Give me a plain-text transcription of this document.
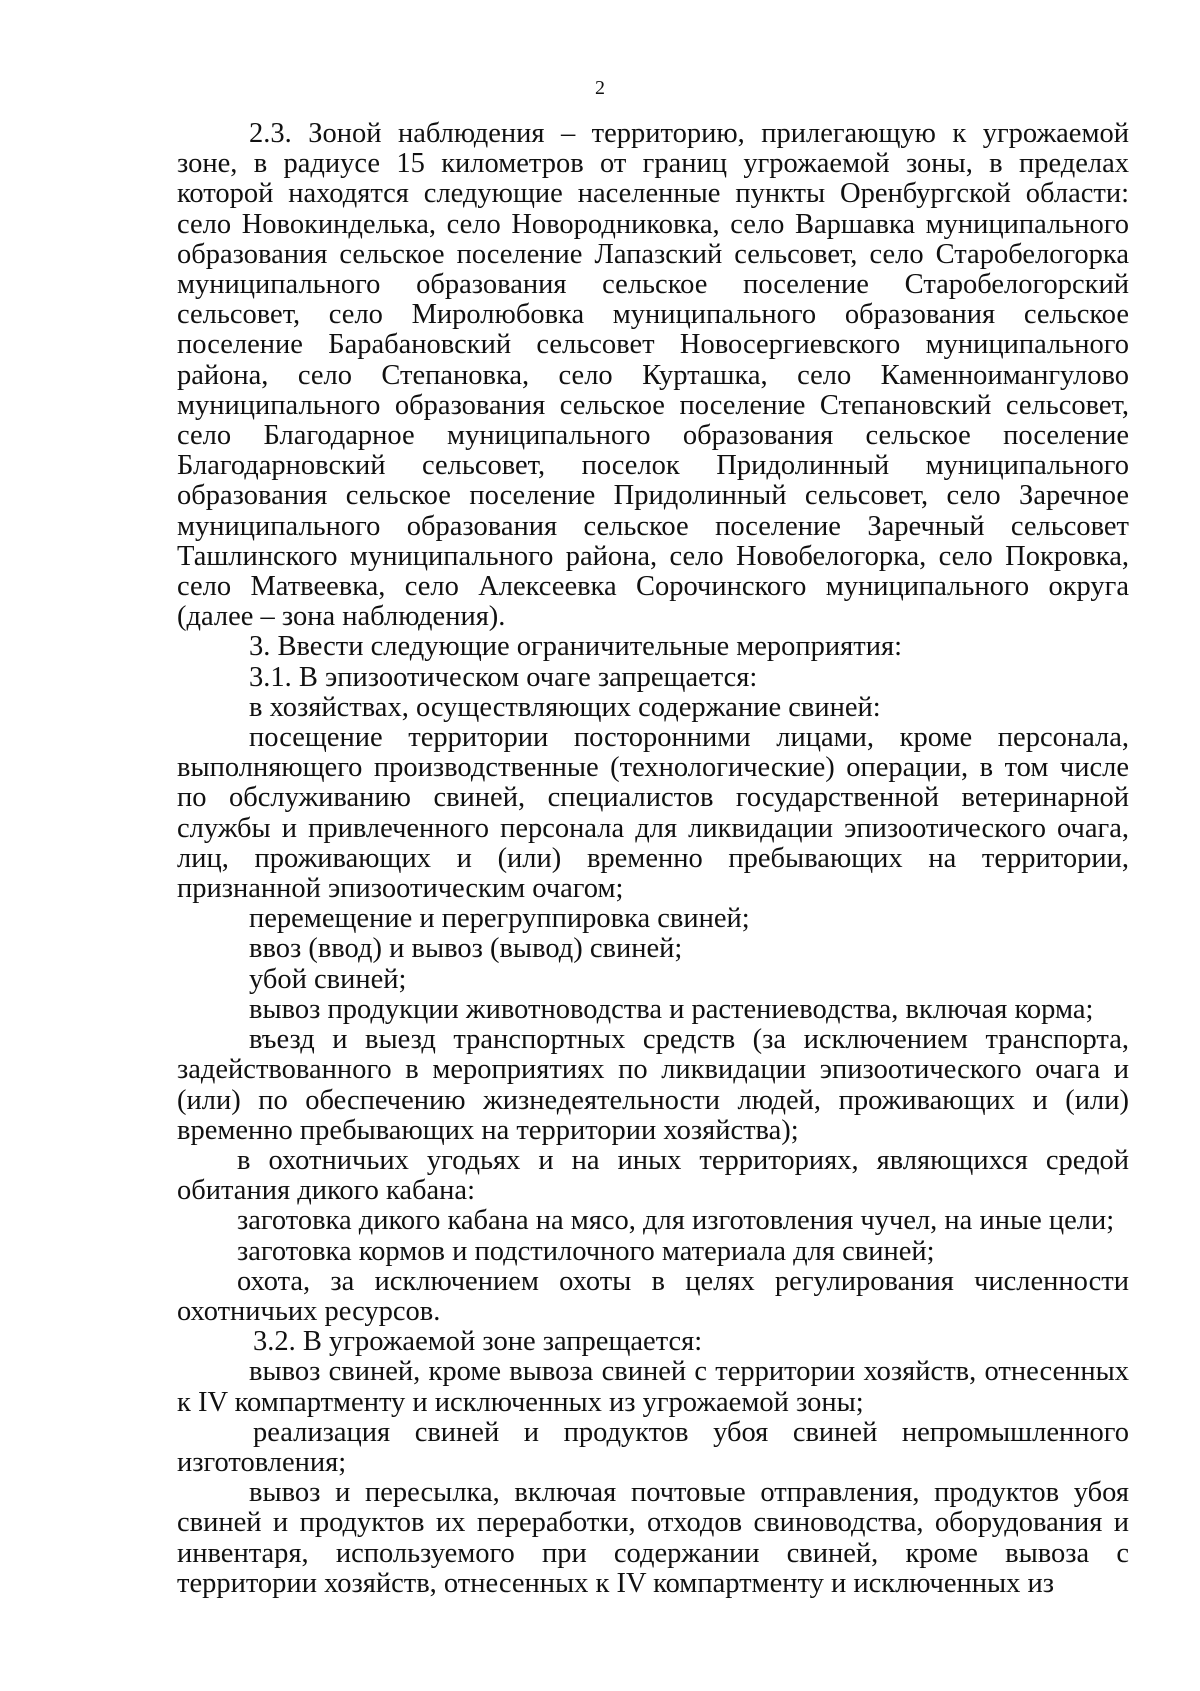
2

2.3. Зоной наблюдения – территорию, прилегающую к угрожаемой зоне, в радиусе 15 километров от границ угрожаемой зоны, в пределах которой находятся следующие населенные пункты Оренбургской области: село Новокинделька, село Новородниковка, село Варшавка муниципального образования сельское поселение Лапазский сельсовет, село Старобелогорка муниципального образования сельское поселение Старобелогорский сельсовет, село Миролюбовка муниципального образования сельское поселение Барабановский сельсовет Новосергиевского муниципального района, село Степановка, село Курташка, село Каменноимангулово муниципального образования сельское поселение Степановский сельсовет, село Благодарное муниципального образования сельское поселение Благодарновский сельсовет, поселок Придолинный муниципального образования сельское поселение Придолинный сельсовет, село Заречное муниципального образования сельское поселение Заречный сельсовет Ташлинского муниципального района, село Новобелогорка, село Покровка, село Матвеевка, село Алексеевка Сорочинского муниципального округа (далее – зона наблюдения).

3. Ввести следующие ограничительные мероприятия:

3.1. В эпизоотическом очаге запрещается:

в хозяйствах, осуществляющих содержание свиней:

посещение территории посторонними лицами, кроме персонала, выполняющего производственные (технологические) операции, в том числе по обслуживанию свиней, специалистов государственной ветеринарной службы и привлеченного персонала для ликвидации эпизоотического очага, лиц, проживающих и (или) временно пребывающих на территории, признанной эпизоотическим очагом;

перемещение и перегруппировка свиней;

ввоз (ввод) и вывоз (вывод) свиней;

убой свиней;

вывоз продукции животноводства и растениеводства, включая корма;

въезд и выезд транспортных средств (за исключением транспорта, задействованного в мероприятиях по ликвидации эпизоотического очага и (или) по обеспечению жизнедеятельности людей, проживающих и (или) временно пребывающих на территории хозяйства);

в охотничьих угодьях и на иных территориях, являющихся средой обитания дикого кабана:

заготовка дикого кабана на мясо, для изготовления чучел, на иные цели;

заготовка кормов и подстилочного материала для свиней;

охота, за исключением охоты в целях регулирования численности охотничьих ресурсов.

3.2. В угрожаемой зоне запрещается:

вывоз свиней, кроме вывоза свиней с территории хозяйств, отнесенных к IV компартменту и исключенных из угрожаемой зоны;

реализация свиней и продуктов убоя свиней непромышленного изготовления;

вывоз и пересылка, включая почтовые отправления, продуктов убоя свиней и продуктов их переработки, отходов свиноводства, оборудования и инвентаря, используемого при содержании свиней, кроме вывоза с территории хозяйств, отнесенных к IV компартменту и исключенных из
